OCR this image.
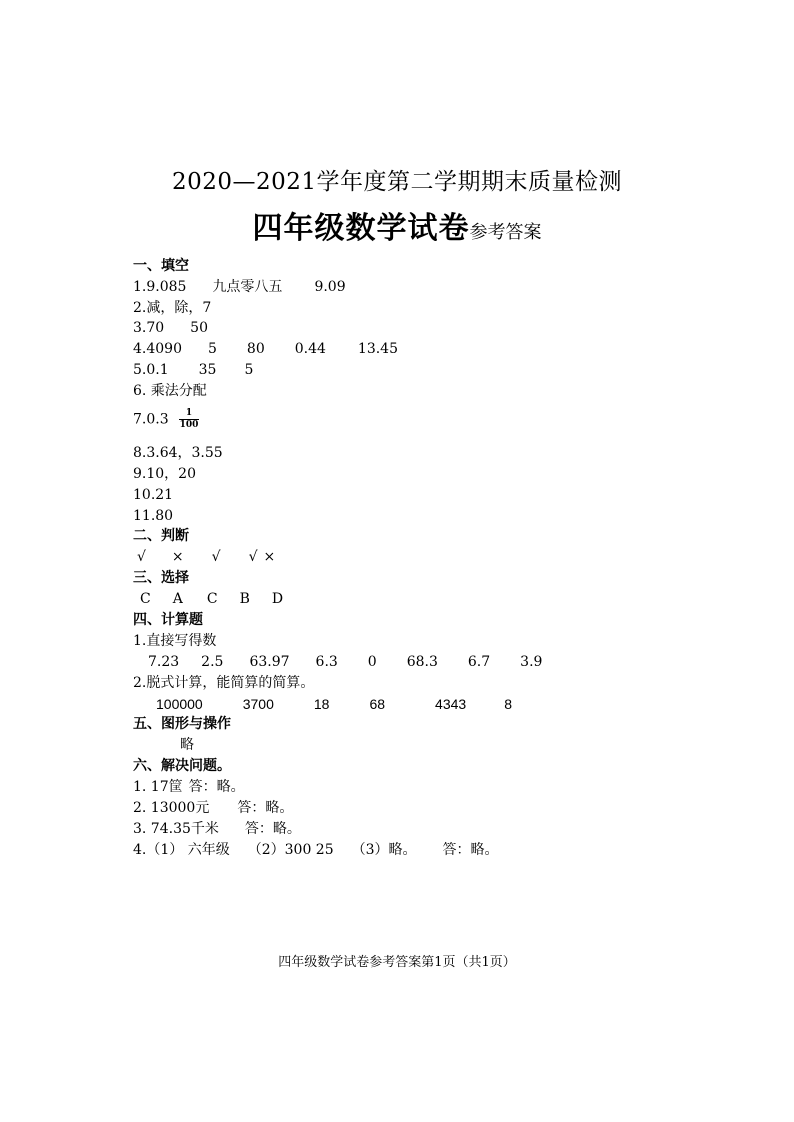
2020—2021学年度第二学期期末质量检测
四年级数学试卷参考答案
一、填空
1.9.085 九点零八五 9.09
2.减，除，7
3.70 50
4.4090 5 80 0.44 13.45
5.0.1 35 5
6. 乘法分配
$7.0.3 \frac{1}{100}$
8.3.64，3.55
9.10，20
10.21
11.80
二、判断
√ × √ √ ×
三、选择
C A C B D
四、计算题
1.直接写得数
7.23 2.5 63.97 6.3 0 68.3 6.7 3.9
2.脱式计算，能简算的简算。
100000	3700	18	68	4343	8
五、图形与操作
略
六、解决问题。
1. 17筐 答：略。
2. 13000元 答：略。
3. 74.35千米 答：略。
4.（1） 六年级 （2）300 25 （3）略。 答：略。
四年级数学试卷参考答案第1页（共1页）
